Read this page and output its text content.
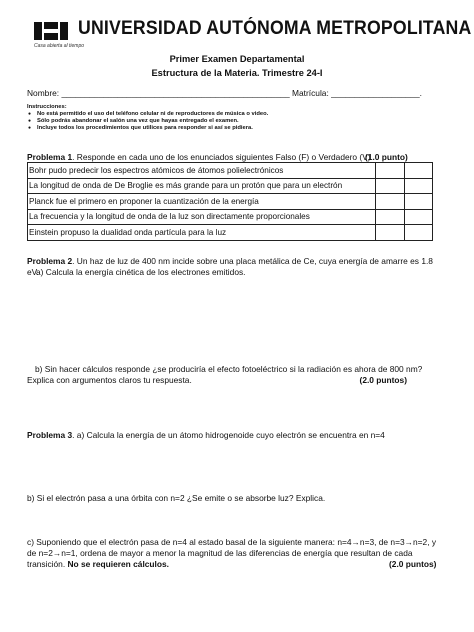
UNIVERSIDAD AUTÓNOMA METROPOLITANA
Casa abierta al tiempo
Primer Examen Departamental
Estructura de la Materia. Trimestre 24-I
Nombre: _________________________________________________ Matrícula: ___________________.
Instrucciones:
● No está permitido el uso del teléfono celular ni de reproductores de música o video.
● Sólo podrás abandonar el salón una vez que hayas entregado el examen.
● Incluye todos los procedimientos que utilices para responder si así se pidiera.
Problema 1. Responde en cada uno de los enunciados siguientes Falso (F) o Verdadero (V)
(1.0 punto)
Bohr pudo predecir los espectros atómicos de átomos polielectrónicos		
La longitud de onda de De Broglie es más grande para un protón que para un electrón		
Planck fue el primero en proponer la cuantización de la energía		
La frecuencia y la longitud de onda de la luz son directamente proporcionales		
Einstein propuso la dualidad onda partícula para la luz		
Problema 2. Un haz de luz de 400 nm incide sobre una placa metálica de Ce, cuya energía de amarre es 1.8 eV.
a) Calcula la energía cinética de los electrones emitidos.
b) Sin hacer cálculos responde ¿se produciría el efecto fotoeléctrico si la radiación es ahora de 800 nm? Explica con argumentos claros tu respuesta.	(2.0 puntos)
Problema 3. a) Calcula la energía de un átomo hidrogenoide cuyo electrón se encuentra en n=4
b) Si el electrón pasa a una órbita con n=2 ¿Se emite o se absorbe luz? Explica.
c) Suponiendo que el electrón pasa de n=4 al estado basal de la siguiente manera: n=4→n=3, de n=3→n=2, y de n=2→n=1, ordena de mayor a menor la magnitud de las diferencias de energía que resultan de cada transición. No se requieren cálculos.	(2.0 puntos)
